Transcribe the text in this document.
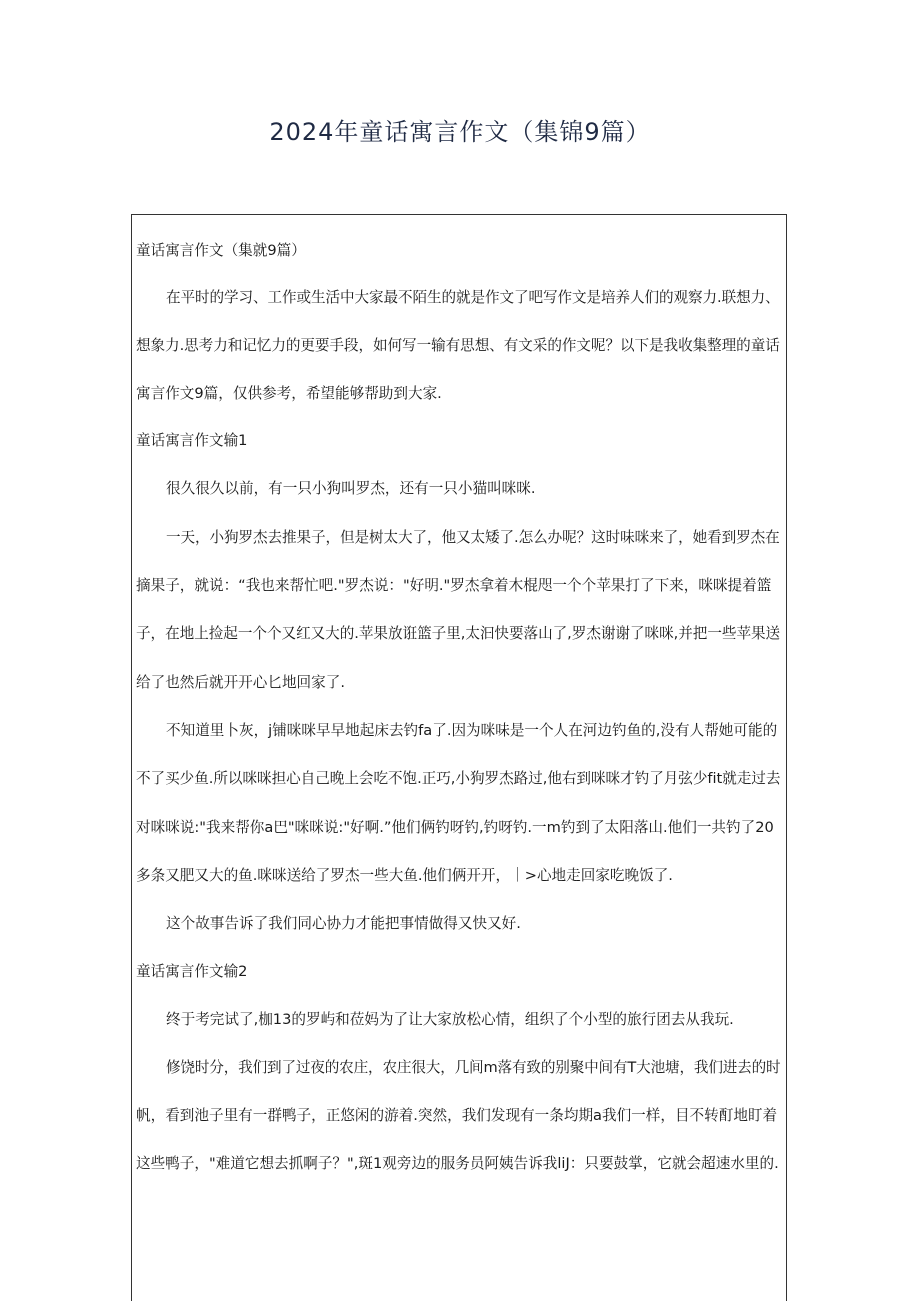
2024年童话寓言作文（集锦9篇）
童话寓言作文（集就9篇）
在平时的学习、工作或生活中大家最不陌生的就是作文了吧写作文是培养人们的观察力.联想力、
想象力.思考力和记忆力的更要手段，如何写一输有思想、有文采的作文呢？以下是我收集整理的童话
寓言作文9篇，仅供参考，希望能够帮助到大家.
童话寓言作文输1
很久很久以前，有一只小狗叫罗杰，还有一只小猫叫咪咪.
一天，小狗罗杰去推果子，但是树太大了，他又太矮了.怎么办呢？这时味咪来了，她看到罗杰在
摘果子，就说：“我也来帮忙吧."罗杰说："好明."罗杰拿着木棍咫一个个苹果打了下来，咪咪提着篮
子，在地上捡起一个个又红又大的.苹果放诳篮子里,太汩快要落山了,罗杰谢谢了咪咪,并把一些苹果送
给了也然后就开开心匕地回家了.
不知道里卜灰，j铺咪咪早早地起床去钓fa了.因为咪味是一个人在河边钓鱼的,没有人帮她可能的
不了买少鱼.所以咪咪担心自己晚上会吃不饱.正巧,小狗罗杰路过,他右到咪咪才钓了月弦少fit就走过去
对咪咪说:"我来帮你a巴"咪咪说:"好啊.”他们俩钓呀钓,钓呀钓.一m钓到了太阳落山.他们一共钓了20
多条又肥又大的鱼.咪咪送给了罗杰一些大鱼.他们俩开开，｜>心地走回家吃晚饭了.
这个故事告诉了我们同心协力才能把事情做得又快又好.
童话寓言作文输2
终于考完试了,枷13的罗屿和莅妈为了让大家放松心情，组织了个小型的旅行团去从我玩.
修饶时分，我们到了过夜的农庄，农庄很大，几间m落有致的别聚中间有T大池塘，我们进去的时
帆，看到池子里有一群鸭子，正悠闲的游着.突然，我们发现有一条均期a我们一样，目不转酊地盯着
这些鸭子，"难道它想去抓啊子？",斑1观旁边的服务员阿姨告诉我liJ：只要鼓掌，它就会超速水里的.
